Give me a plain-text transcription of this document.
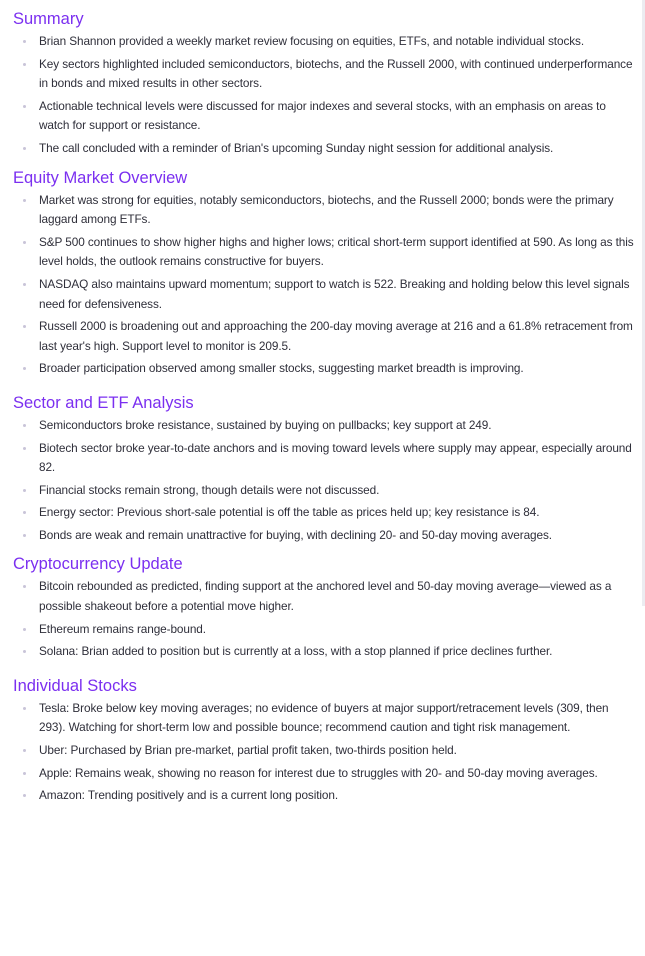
Summary
Brian Shannon provided a weekly market review focusing on equities, ETFs, and notable individual stocks.
Key sectors highlighted included semiconductors, biotechs, and the Russell 2000, with continued underperformance in bonds and mixed results in other sectors.
Actionable technical levels were discussed for major indexes and several stocks, with an emphasis on areas to watch for support or resistance.
The call concluded with a reminder of Brian's upcoming Sunday night session for additional analysis.
Equity Market Overview
Market was strong for equities, notably semiconductors, biotechs, and the Russell 2000; bonds were the primary laggard among ETFs.
S&P 500 continues to show higher highs and higher lows; critical short-term support identified at 590. As long as this level holds, the outlook remains constructive for buyers.
NASDAQ also maintains upward momentum; support to watch is 522. Breaking and holding below this level signals need for defensiveness.
Russell 2000 is broadening out and approaching the 200-day moving average at 216 and a 61.8% retracement from last year's high. Support level to monitor is 209.5.
Broader participation observed among smaller stocks, suggesting market breadth is improving.
Sector and ETF Analysis
Semiconductors broke resistance, sustained by buying on pullbacks; key support at 249.
Biotech sector broke year-to-date anchors and is moving toward levels where supply may appear, especially around 82.
Financial stocks remain strong, though details were not discussed.
Energy sector: Previous short-sale potential is off the table as prices held up; key resistance is 84.
Bonds are weak and remain unattractive for buying, with declining 20- and 50-day moving averages.
Cryptocurrency Update
Bitcoin rebounded as predicted, finding support at the anchored level and 50-day moving average—viewed as a possible shakeout before a potential move higher.
Ethereum remains range-bound.
Solana: Brian added to position but is currently at a loss, with a stop planned if price declines further.
Individual Stocks
Tesla: Broke below key moving averages; no evidence of buyers at major support/retracement levels (309, then 293). Watching for short-term low and possible bounce; recommend caution and tight risk management.
Uber: Purchased by Brian pre-market, partial profit taken, two-thirds position held.
Apple: Remains weak, showing no reason for interest due to struggles with 20- and 50-day moving averages.
Amazon: Trending positively and is a current long position.
